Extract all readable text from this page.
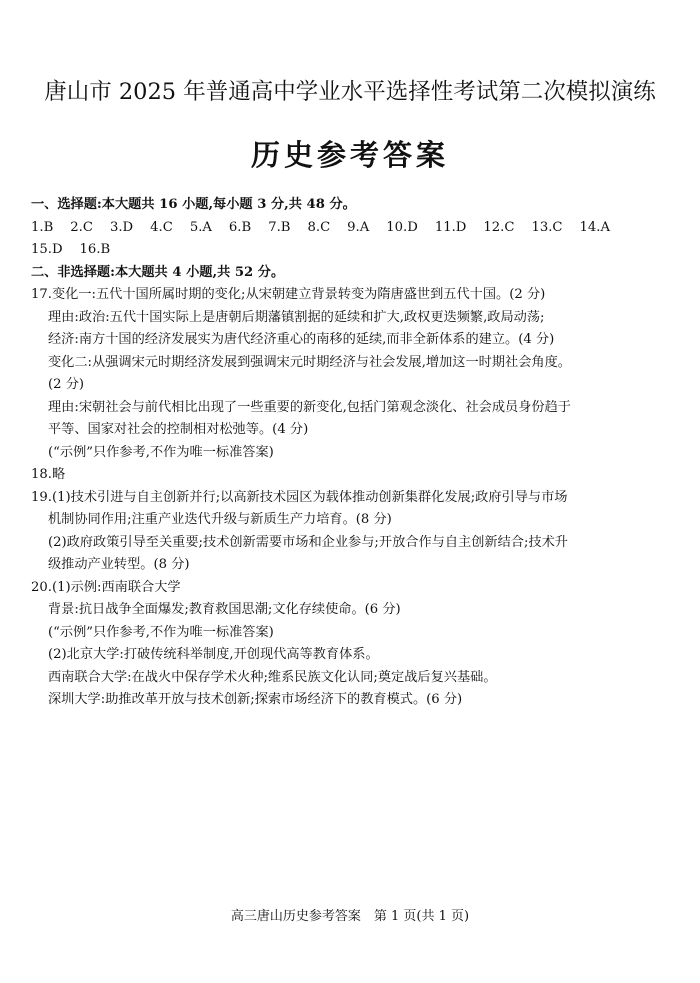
唐山市 2025 年普通高中学业水平选择性考试第二次模拟演练
历史参考答案
一、选择题:本大题共 16 小题,每小题 3 分,共 48 分。
1.B 2.C 3.D 4.C 5.A 6.B 7.B 8.C 9.A 10.D 11.D 12.C 13.C 14.A
15.D 16.B
二、非选择题:本大题共 4 小题,共 52 分。
17.变化一:五代十国所属时期的变化;从宋朝建立背景转变为隋唐盛世到五代十国。(2 分)
理由:政治:五代十国实际上是唐朝后期藩镇割据的延续和扩大,政权更迭频繁,政局动荡;
经济:南方十国的经济发展实为唐代经济重心的南移的延续,而非全新体系的建立。(4 分)
变化二:从强调宋元时期经济发展到强调宋元时期经济与社会发展,增加这一时期社会角度。
(2 分)
理由:宋朝社会与前代相比出现了一些重要的新变化,包括门第观念淡化、社会成员身份趋于
平等、国家对社会的控制相对松弛等。(4 分)
(“示例”只作参考,不作为唯一标准答案)
18.略
19.(1)技术引进与自主创新并行;以高新技术园区为载体推动创新集群化发展;政府引导与市场
机制协同作用;注重产业迭代升级与新质生产力培育。(8 分)
(2)政府政策引导至关重要;技术创新需要市场和企业参与;开放合作与自主创新结合;技术升
级推动产业转型。(8 分)
20.(1)示例:西南联合大学
背景:抗日战争全面爆发;教育救国思潮;文化存续使命。(6 分)
(“示例”只作参考,不作为唯一标准答案)
(2)北京大学:打破传统科举制度,开创现代高等教育体系。
西南联合大学:在战火中保存学术火种;维系民族文化认同;奠定战后复兴基础。
深圳大学:助推改革开放与技术创新;探索市场经济下的教育模式。(6 分)
高三唐山历史参考答案　第 1 页(共 1 页)
